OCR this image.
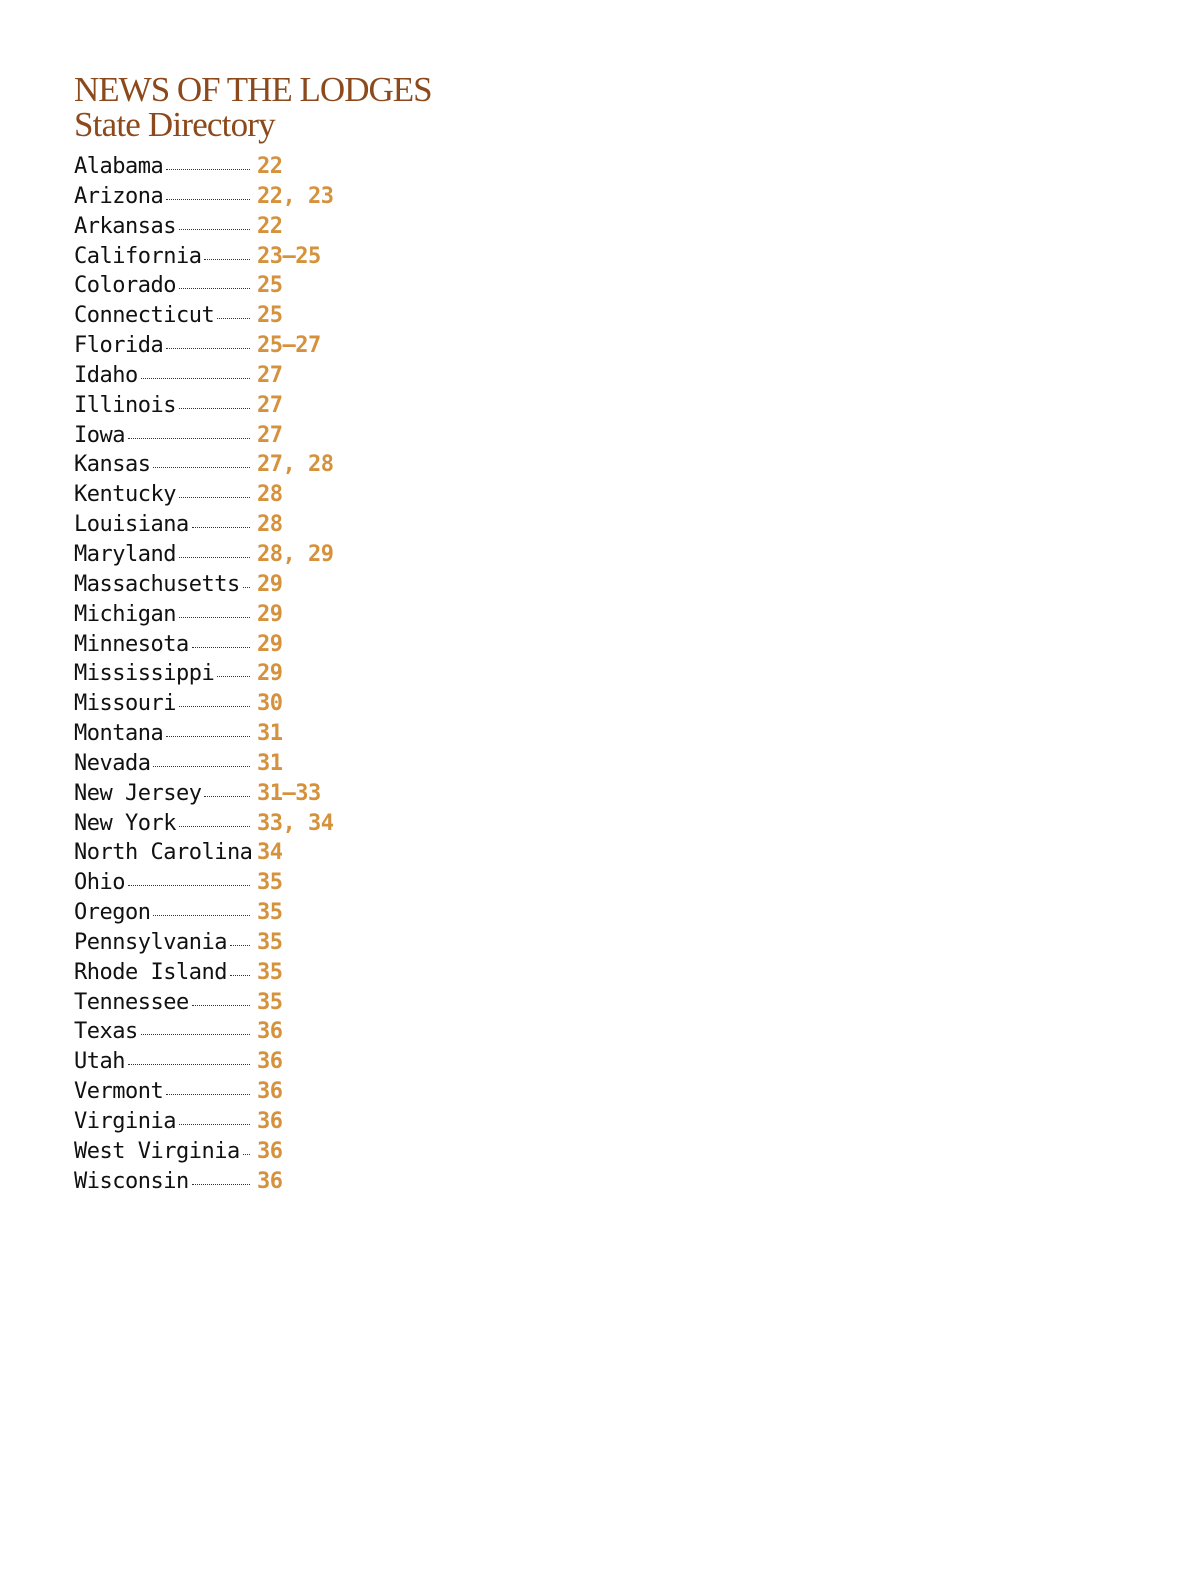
NEWS OF THE LODGES
State Directory
Alabama	22
Arizona	22, 23
Arkansas	22
California	23–25
Colorado	25
Connecticut 25
Florida	25–27
Idaho	27
Illinois	27
Iowa	27
Kansas	27, 28
Kentucky	28
Louisiana	28
Maryland	28, 29
Massachusetts 29
Michigan	29
Minnesota	29
Mississippi 29
Missouri	30
Montana	31
Nevada	31
New Jersey	31–33
New York	33, 34
North Carolina 34
Ohio	35
Oregon	35
Pennsylvania 35
Rhode Island 35
Tennessee	35
Texas	36
Utah	36
Vermont	36
Virginia	36
West Virginia 36
Wisconsin	36
